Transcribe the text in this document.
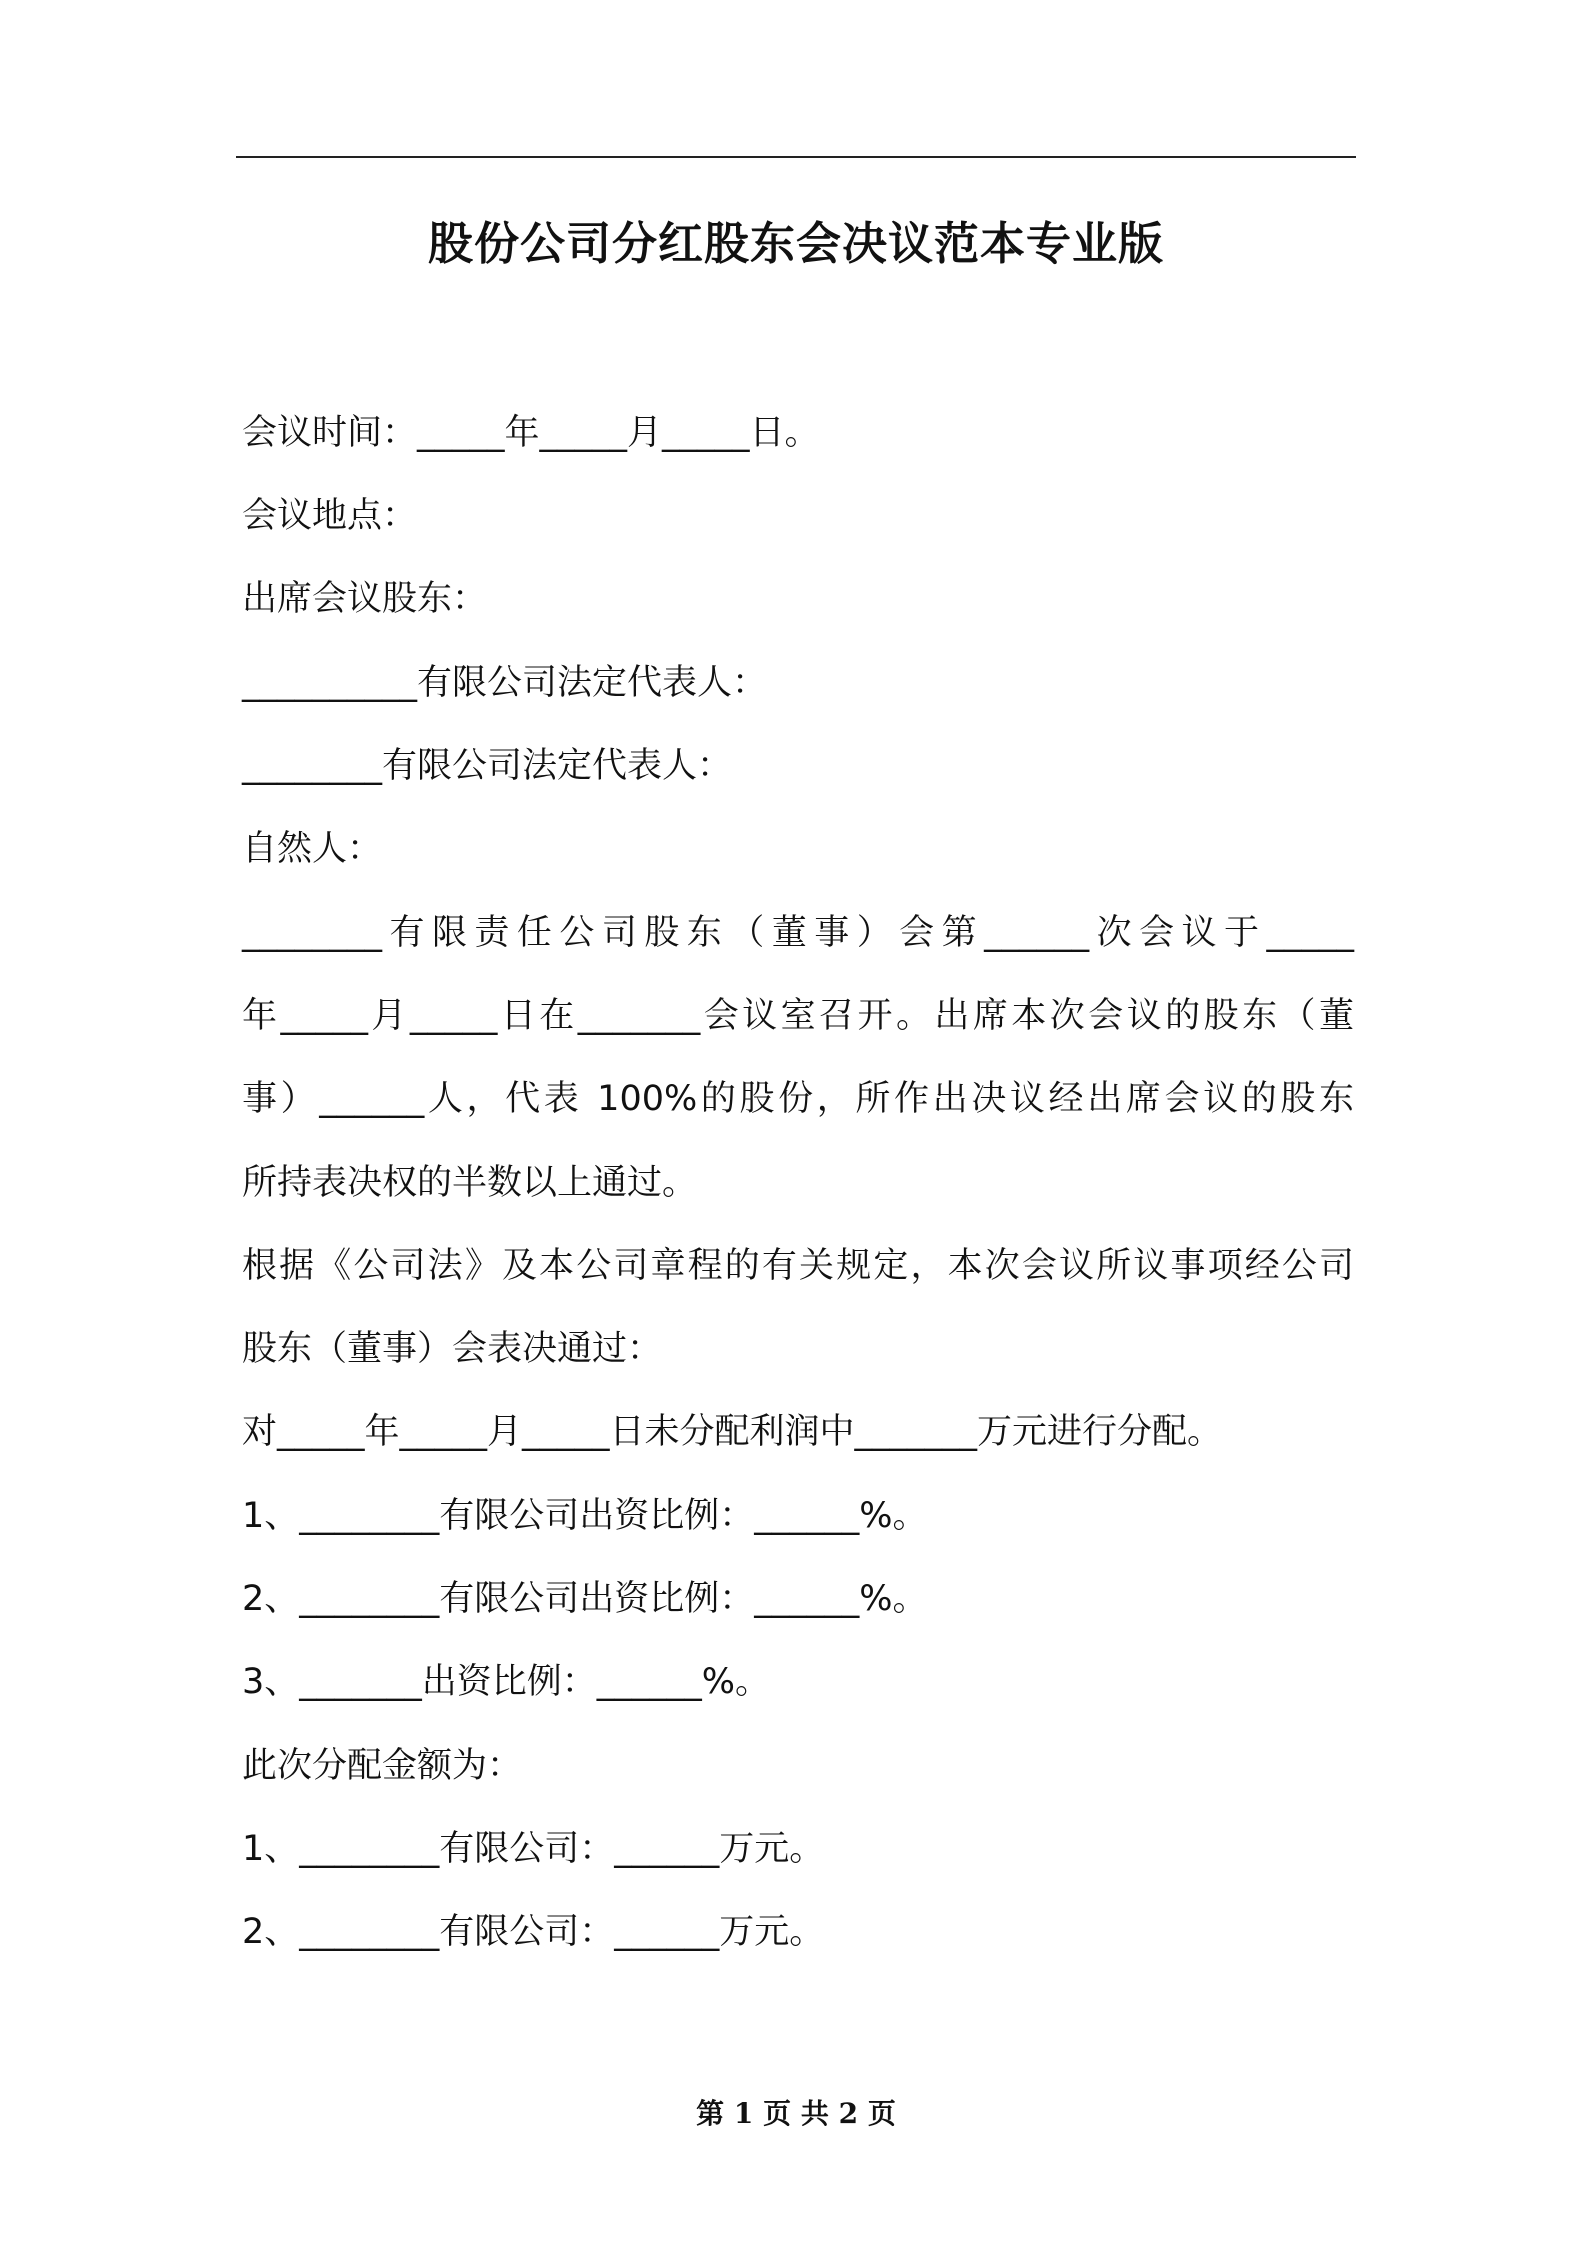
股份公司分红股东会决议范本专业版
会议时间：_____年_____月_____日。
会议地点：
出席会议股东：
__________有限公司法定代表人：
________有限公司法定代表人：
自然人：
________有限责任公司股东（董事）会第______次会议于_____
年_____月_____日在_______会议室召开。出席本次会议的股东（董
事）______人，代表 100%的股份，所作出决议经出席会议的股东
所持表决权的半数以上通过。
根据《公司法》及本公司章程的有关规定，本次会议所议事项经公司
股东（董事）会表决通过：
对_____年_____月_____日未分配利润中_______万元进行分配。
1、________有限公司出资比例：______%。
2、________有限公司出资比例：______%。
3、_______出资比例：______%。
此次分配金额为：
1、________有限公司：______万元。
2、________有限公司：______万元。
第 1 页 共 2 页
